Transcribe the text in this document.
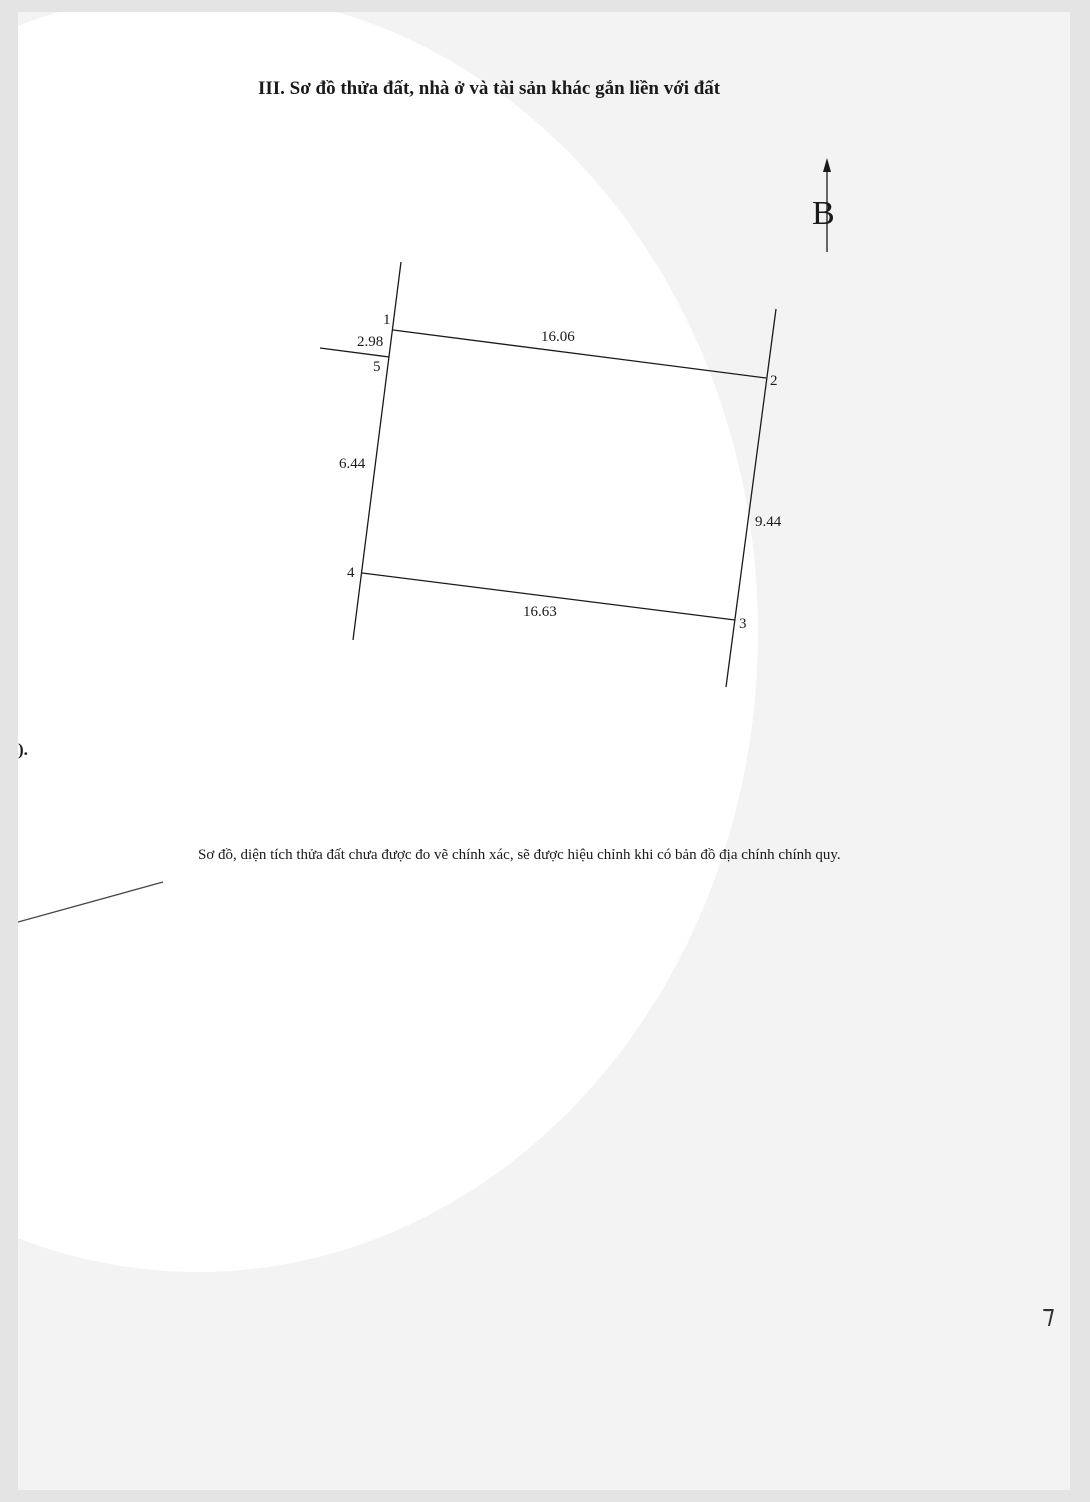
III. Sơ đồ thửa đất, nhà ở và tài sản khác gắn liền với đất
B
1
2
3
4
5
16.06
9.44
16.63
6.44
2.98
).
Sơ đồ, diện tích thửa đất chưa được đo vẽ chính xác, sẽ được hiệu chỉnh khi có bản đồ địa chính chính quy.
⁊
